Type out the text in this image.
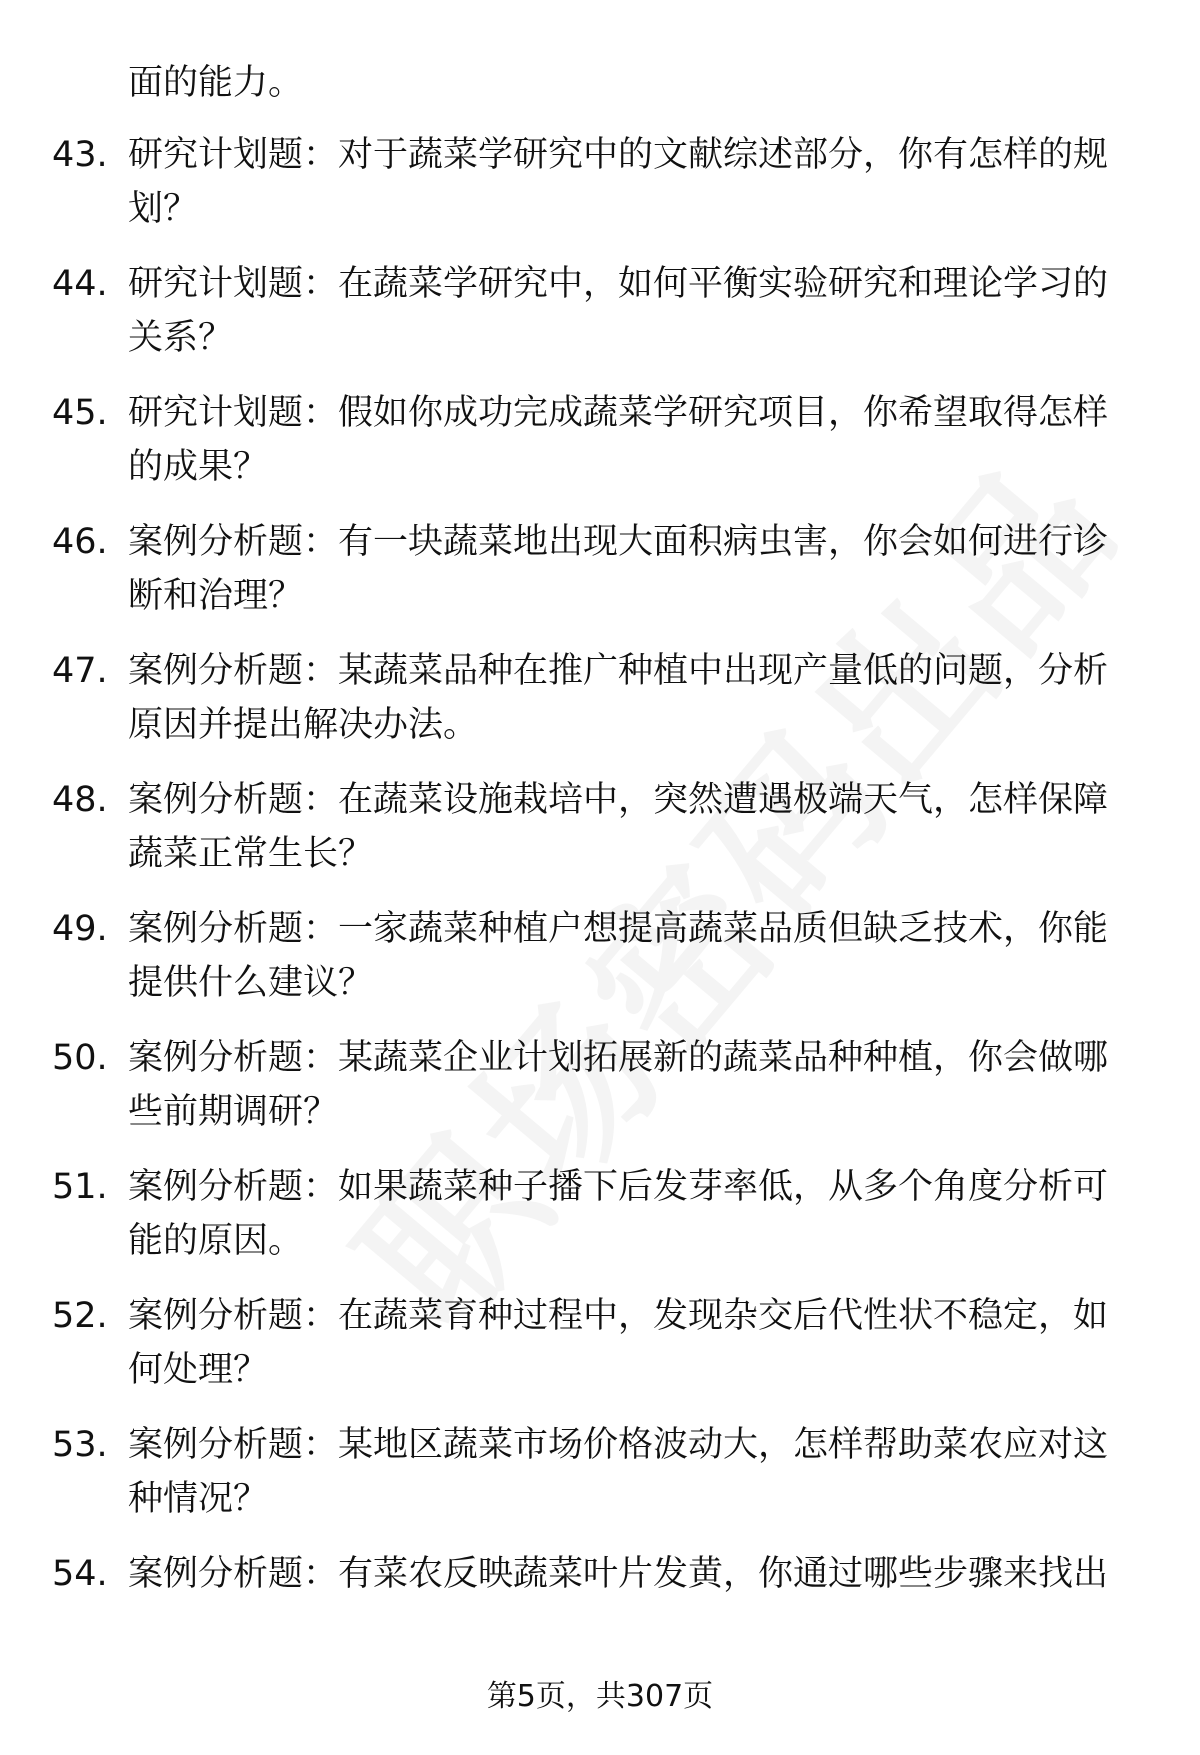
面的能力。
43. 研究计划题：对于蔬菜学研究中的文献综述部分，你有怎样的规划？
44. 研究计划题：在蔬菜学研究中，如何平衡实验研究和理论学习的关系？
45. 研究计划题：假如你成功完成蔬菜学研究项目，你希望取得怎样的成果？
46. 案例分析题：有一块蔬菜地出现大面积病虫害，你会如何进行诊断和治理？
47. 案例分析题：某蔬菜品种在推广种植中出现产量低的问题，分析原因并提出解决办法。
48. 案例分析题：在蔬菜设施栽培中，突然遭遇极端天气，怎样保障蔬菜正常生长？
49. 案例分析题：一家蔬菜种植户想提高蔬菜品质但缺乏技术，你能提供什么建议？
50. 案例分析题：某蔬菜企业计划拓展新的蔬菜品种种植，你会做哪些前期调研？
51. 案例分析题：如果蔬菜种子播下后发芽率低，从多个角度分析可能的原因。
52. 案例分析题：在蔬菜育种过程中，发现杂交后代性状不稳定，如何处理？
53. 案例分析题：某地区蔬菜市场价格波动大，怎样帮助菜农应对这种情况？
54. 案例分析题：有菜农反映蔬菜叶片发黄，你通过哪些步骤来找出
第5页，共307页
